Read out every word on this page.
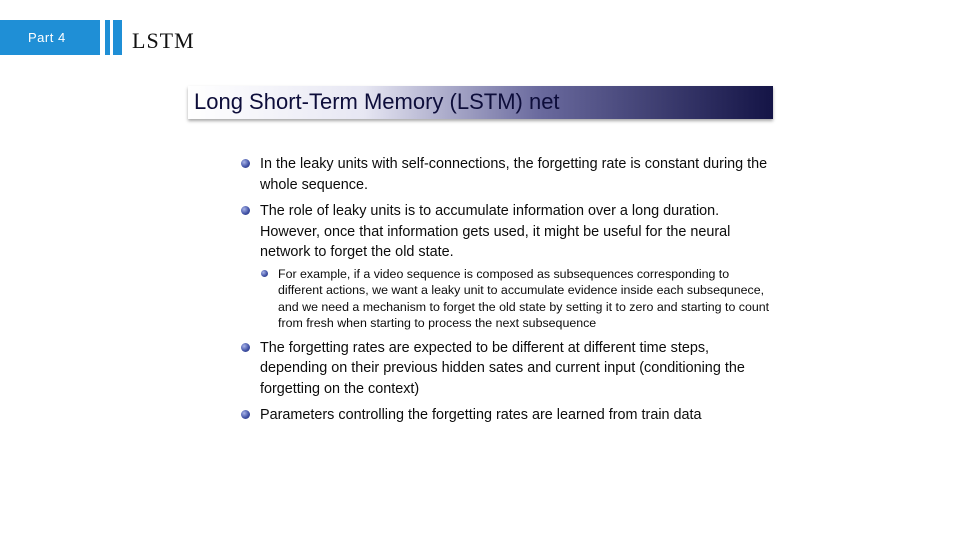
Part 4	LSTM
Long Short-Term Memory (LSTM) net
In the leaky units with self-connections, the forgetting rate is constant during the whole sequence.
The role of leaky units is to accumulate information over a long duration. However, once that information gets used, it might be useful for the neural network to forget the old state.
For example, if a video sequence is composed as subsequences corresponding to different actions, we want a leaky unit to accumulate evidence inside each subsequnece, and we need a mechanism to forget the old state by setting it to zero and starting to count from fresh when starting to process the next subsequence
The forgetting rates are expected to be different at different time steps, depending on their previous hidden sates and current input (conditioning the forgetting on the context)
Parameters controlling the forgetting rates are learned from train data
